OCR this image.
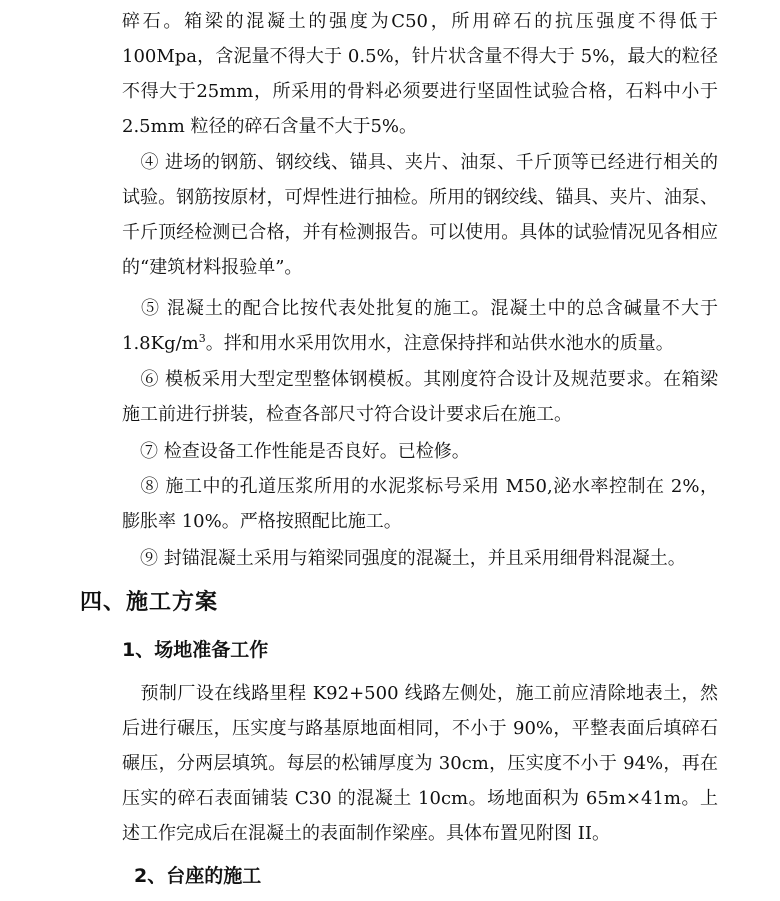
碎石。箱梁的混凝土的强度为C50，所用碎石的抗压强度不得低于100Mpa，含泥量不得大于 0.5%，针片状含量不得大于 5%，最大的粒径不得大于25mm，所采用的骨料必须要进行坚固性试验合格，石料中小于 2.5mm 粒径的碎石含量不大于5%。

④ 进场的钢筋、钢绞线、锚具、夹片、油泵、千斤顶等已经进行相关的试验。钢筋按原材，可焊性进行抽检。所用的钢绞线、锚具、夹片、油泵、千斤顶经检测已合格，并有检测报告。可以使用。具体的试验情况见各相应的“建筑材料报验单”。

⑤ 混凝土的配合比按代表处批复的施工。混凝土中的总含碱量不大于$1.8Kg/m^3$。拌和用水采用饮用水，注意保持拌和站供水池水的质量。

⑥ 模板采用大型定型整体钢模板。其刚度符合设计及规范要求。在箱梁施工前进行拼装，检查各部尺寸符合设计要求后在施工。

⑦ 检查设备工作性能是否良好。已检修。

⑧ 施工中的孔道压浆所用的水泥浆标号采用 M50,泌水率控制在 2%，膨胀率 10%。严格按照配比施工。

⑨ 封锚混凝土采用与箱梁同强度的混凝土，并且采用细骨料混凝土。

四、施工方案
1、场地准备工作

预制厂设在线路里程 K92+500 线路左侧处，施工前应清除地表土，然后进行碾压，压实度与路基原地面相同，不小于 90%，平整表面后填碎石碾压，分两层填筑。每层的松铺厚度为 30cm，压实度不小于 94%，再在压实的碎石表面铺装 C30 的混凝土 10cm。场地面积为 65m×41m。上述工作完成后在混凝土的表面制作梁座。具体布置见附图 II。

2、台座的施工
